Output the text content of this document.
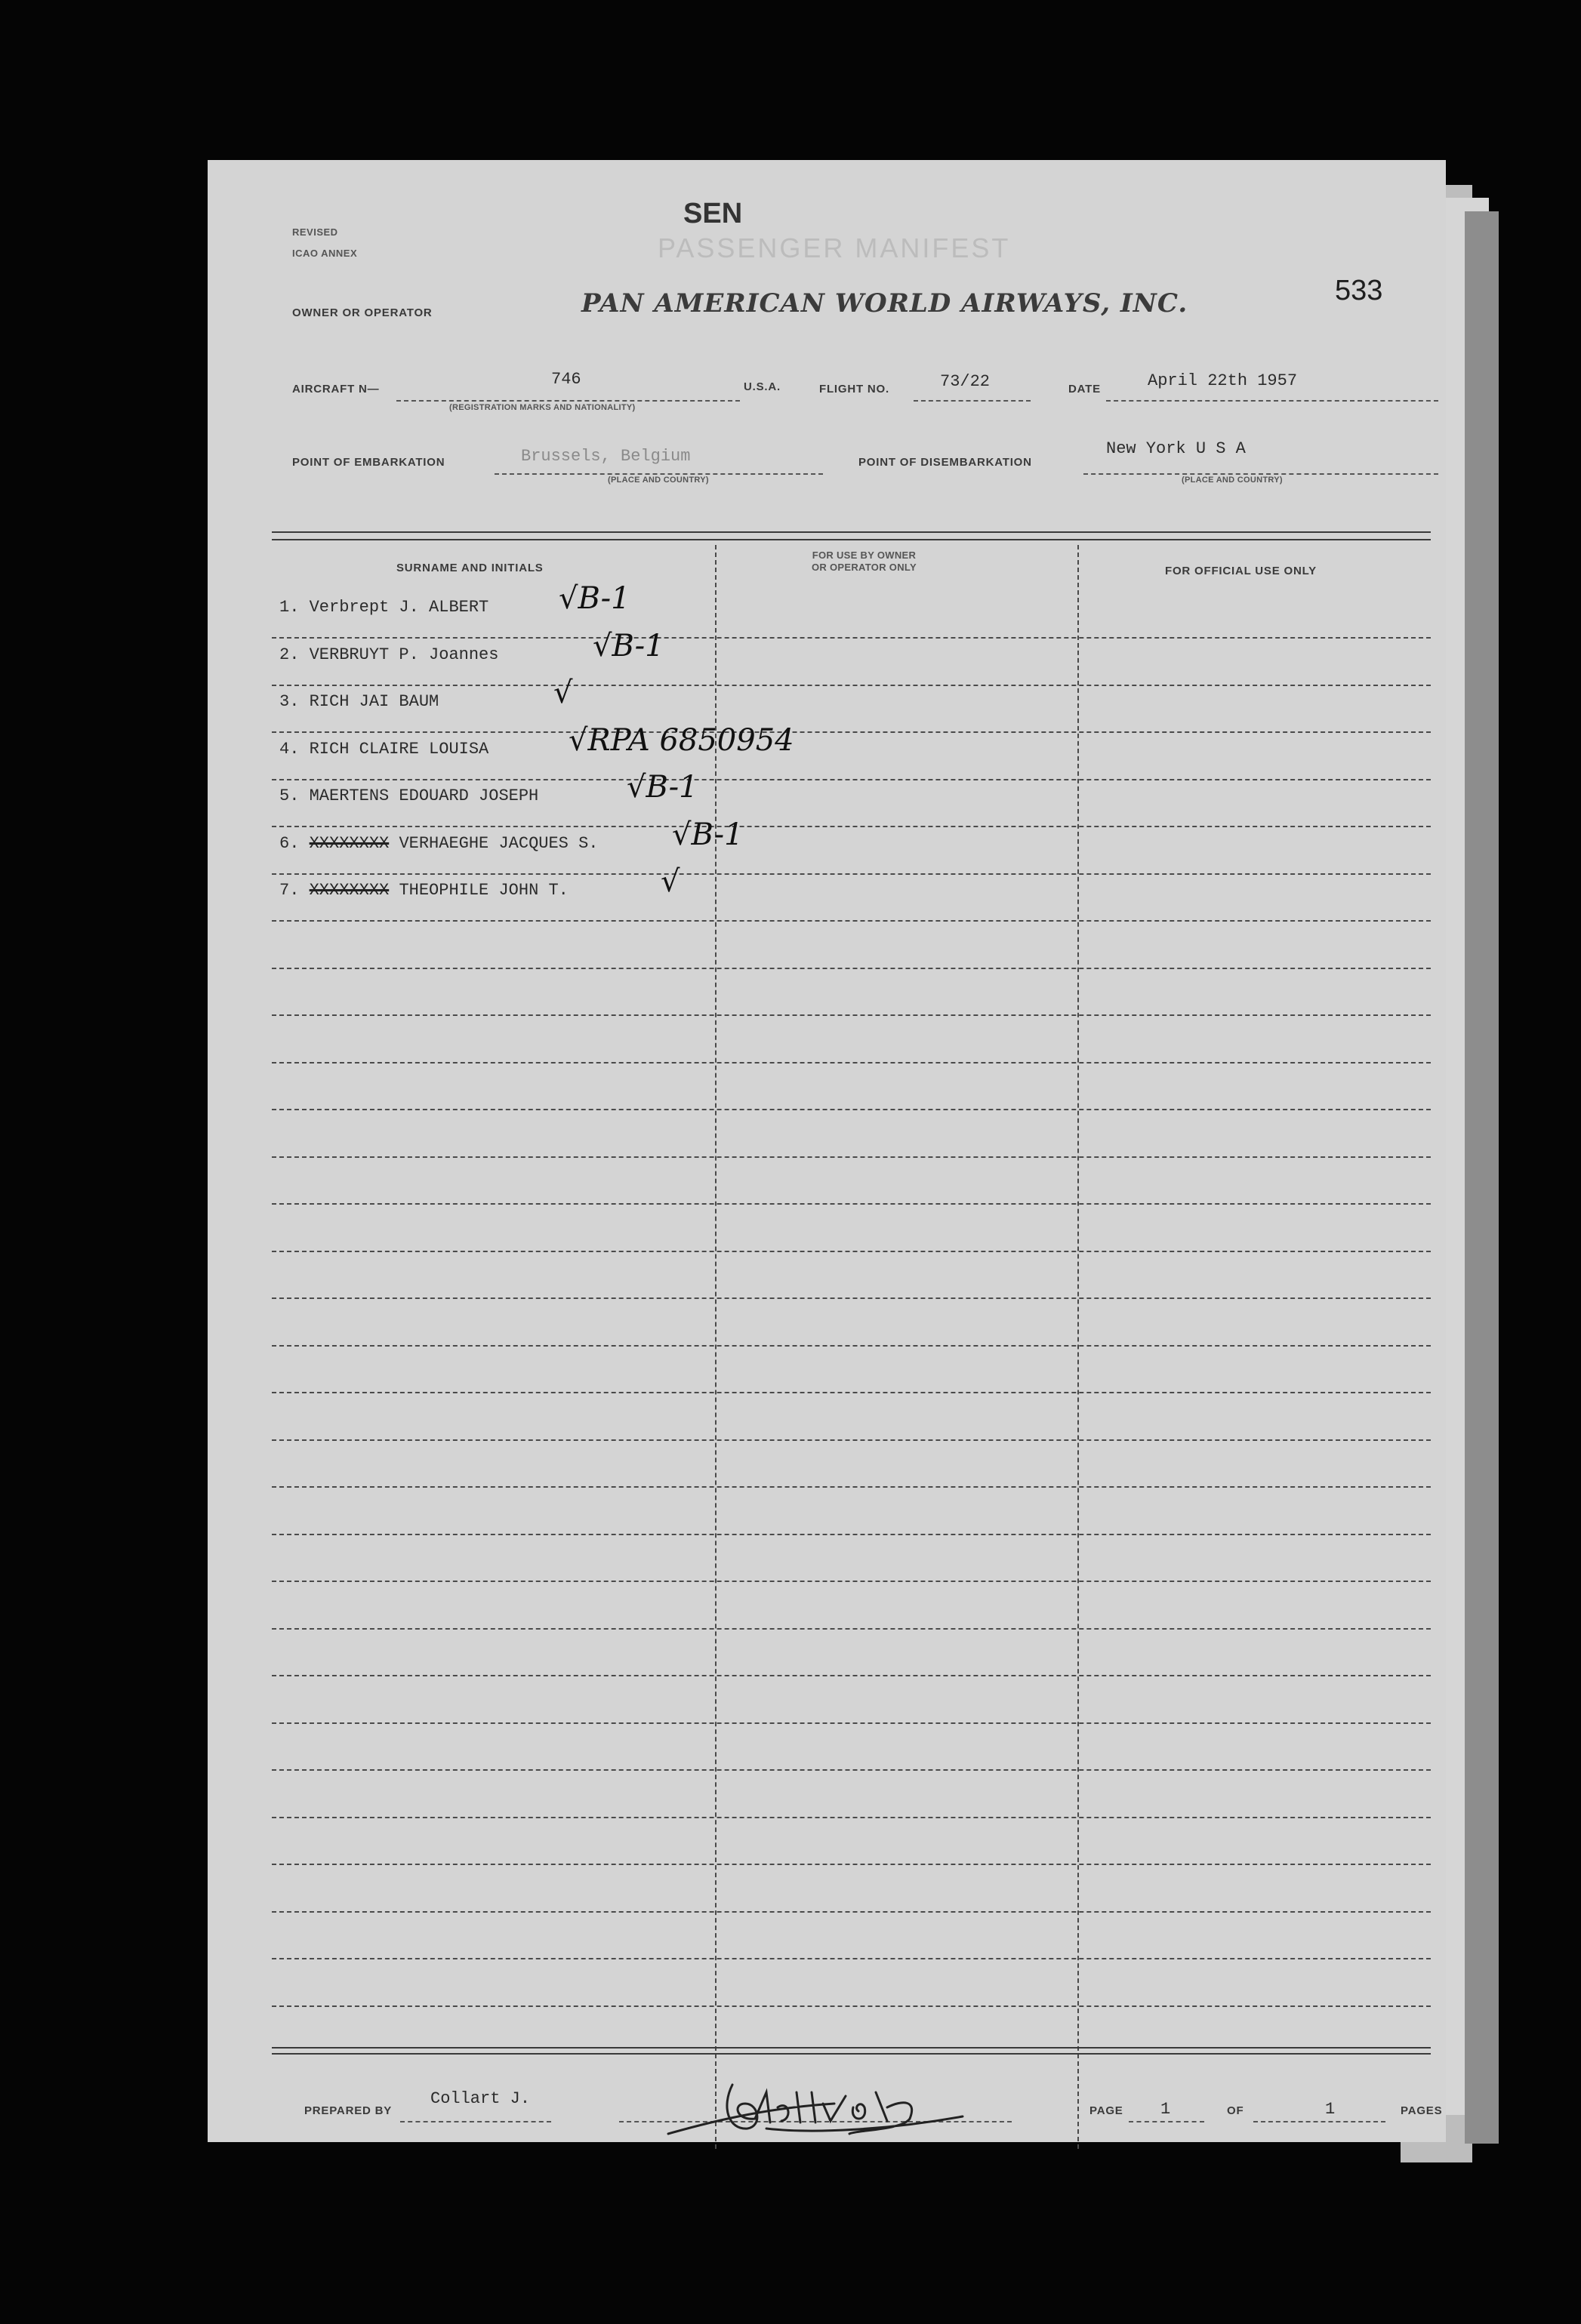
REVISED
ICAO ANNEX
SEN
PASSENGER MANIFEST
533
OWNER OR OPERATOR	PAN AMERICAN WORLD AIRWAYS, INC.
AIRCRAFT N—
746
(REGISTRATION MARKS AND NATIONALITY)
U.S.A.	FLIGHT NO.	73/22	DATE	April 22th 1957
POINT OF EMBARKATION	Brussels, Belgium
(PLACE AND COUNTRY)
POINT OF DISEMBARKATION
New York U S A
(PLACE AND COUNTRY)
SURNAME AND INITIALS
FOR USE BY OWNER
OR OPERATOR ONLY	FOR OFFICIAL USE ONLY
1. Verbrept J. ALBERT √B-1
2. VERBRUYT P. Joannes	√B-1
3. RICH JAI BAUM	√
4. RICH CLAIRE LOUISA	√RPA 6850954
5. MAERTENS EDOUARD JOSEPH	√B-1
6. XXXXXXXX VERHAEGHE JACQUES S. √B-1
7. XXXXXXXX THEOPHILE JOHN T.	√
PREPARED BY
Collart J.
PAGE 1	OF	1	PAGES
